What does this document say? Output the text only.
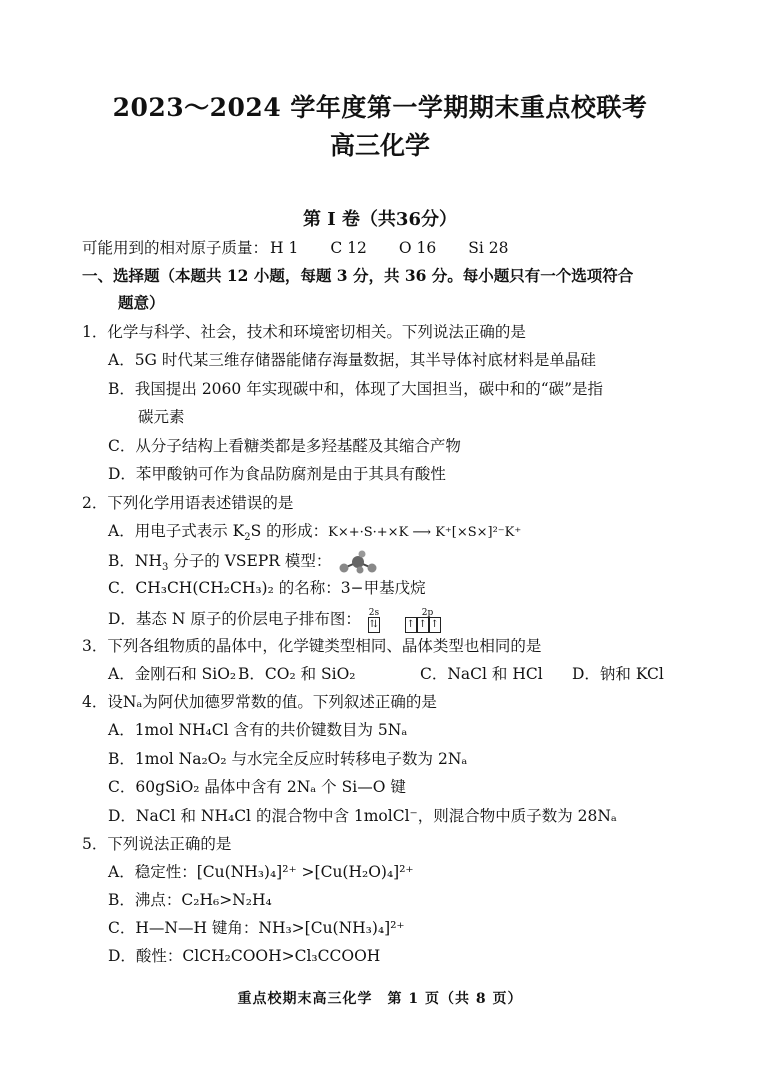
2023～2024 学年度第一学期期末重点校联考
高三化学
第 I 卷（共36分）
可能用到的相对原子质量： H 1 C 12 O 16 Si 28
一、选择题（本题共 12 小题，每题 3 分，共 36 分。每小题只有一个选项符合
题意）
1．化学与科学、社会，技术和环境密切相关。下列说法正确的是
A．5G 时代某三维存储器能储存海量数据，其半导体衬底材料是单晶硅
B．我国提出 2060 年实现碳中和，体现了大国担当，碳中和的“碳”是指
碳元素
C．从分子结构上看糖类都是多羟基醛及其缩合产物
D．苯甲酸钠可作为食品防腐剂是由于其具有酸性
2．下列化学用语表述错误的是
A．用电子式表示 $K_2S$ 的形成：K×+·S·+×K ⟶ K⁺[×S×]²⁻K⁺
B．$NH_3$ 分子的 VSEPR 模型：
C．CH₃CH(CH₂CH₃)₂ 的名称：3−甲基戊烷
D．基态 N 原子的价层电子排布图： 2s
⇅

2p
↑ ↑ ↑
3．下列各组物质的晶体中，化学键类型相同、晶体类型也相同的是
A．金刚石和 SiO₂ B．CO₂ 和 SiO₂	C．NaCl 和 HCl D．钠和 KCl
4．设Nₐ为阿伏加德罗常数的值。下列叙述正确的是
A．1mol NH₄Cl 含有的共价键数目为 5Nₐ
B．1mol Na₂O₂ 与水完全反应时转移电子数为 2Nₐ
C．60gSiO₂ 晶体中含有 2Nₐ 个 Si—O 键
D．NaCl 和 NH₄Cl 的混合物中含 1molCl⁻，则混合物中质子数为 28Nₐ
5．下列说法正确的是
A．稳定性：[Cu(NH₃)₄]²⁺ >[Cu(H₂O)₄]²⁺
B．沸点：C₂H₆>N₂H₄
C．H—N—H 键角：NH₃>[Cu(NH₃)₄]²⁺
D．酸性：ClCH₂COOH>Cl₃CCOOH
重点校期末高三化学　第 1 页（共 8 页）
